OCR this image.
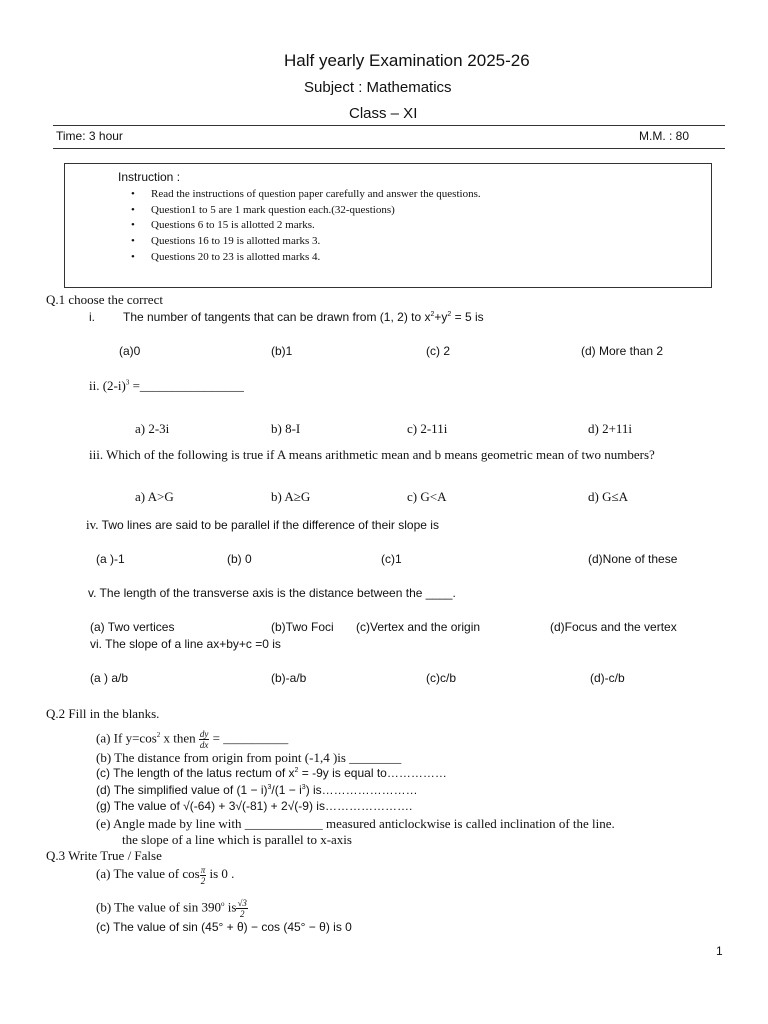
Half yearly Examination 2025-26
Subject : Mathematics
Class – XI
Time: 3 hour	M.M. : 80
Instruction :
• Read the instructions of question paper carefully and answer the questions.
• Question1 to 5 are 1 mark question each.(32-questions)
• Questions 6 to 15 is allotted 2 marks.
• Questions 16 to 19 is allotted marks 3.
• Questions 20 to 23 is allotted marks 4.
Q.1 choose the correct
i. The number of tangents that can be drawn from (1, 2) to $x^2+y^2 = 5$ is
(a)0	(b)1	(c) 2	(d) More than 2
ii. $(2-i)^3$ =________________
a) 2-3i	b) 8-I	c) 2-11i	d) 2+11i
iii. Which of the following is true if A means arithmetic mean and b means geometric mean of two numbers?
a) A>G	b) A≥G	c) G<A	d) G≤A
iv. Two lines are said to be parallel if the difference of their slope is
(a )-1	(b) 0	(c)1	(d)None of these
v. The length of the transverse axis is the distance between the ____.
(a) Two vertices	(b)Two Foci (c)Vertex and the origin	(d)Focus and the vertex
vi. The slope of a line ax+by+c =0 is
(a ) a/b	(b)-a/b	(c)c/b	(d)-c/b
Q.2 Fill in the blanks.
(a) If $y=\cos^2$ x then $\frac{dy}{dx}$ = __________
(b) The distance from origin from point (-1,4 )is ________
(c) The length of the latus rectum of $x^2 = -9y$ is equal to……………
(d) The simplified value of $(1 - i)^3/(1 - i^3)$ is……………………
(g) The value of √(-64) + 3√(-81) + 2√(-9) is………………….
(e) Angle made by line with ____________ measured anticlockwise is called inclination of the line.
the slope of a line which is parallel to x-axis
Q.3 Write True / False
(a) The value of $\cos \frac{\pi}{2}$ is 0 .
(b) The value of sin 390$^o$ is $\frac{√3}{2}$
(c) The value of sin (45° + θ) − cos (45° − θ) is 0
1
